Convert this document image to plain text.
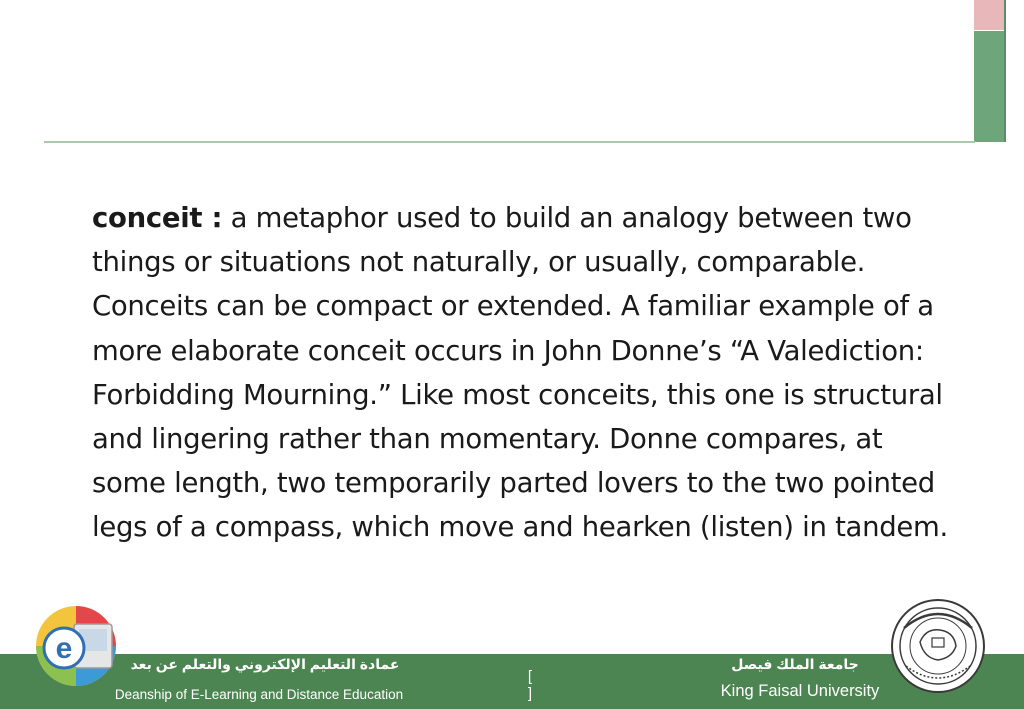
conceit : a metaphor used to build an analogy between two things or situations not naturally, or usually, comparable. Conceits can be compact or extended. A familiar example of a more elaborate conceit occurs in John Donne’s “A Valediction: Forbidding Mourning.” Like most conceits, this one is structural and lingering rather than momentary. Donne compares, at some length, two temporarily parted lovers to the two pointed legs of a compass, which move and hearken (listen) in tandem.

e	عمادة التعليم الإلكتروني والتعلم عن بعد
Deanship of E-Learning and Distance Education
[ ]
جامعة الملك فيصل
King Faisal University
